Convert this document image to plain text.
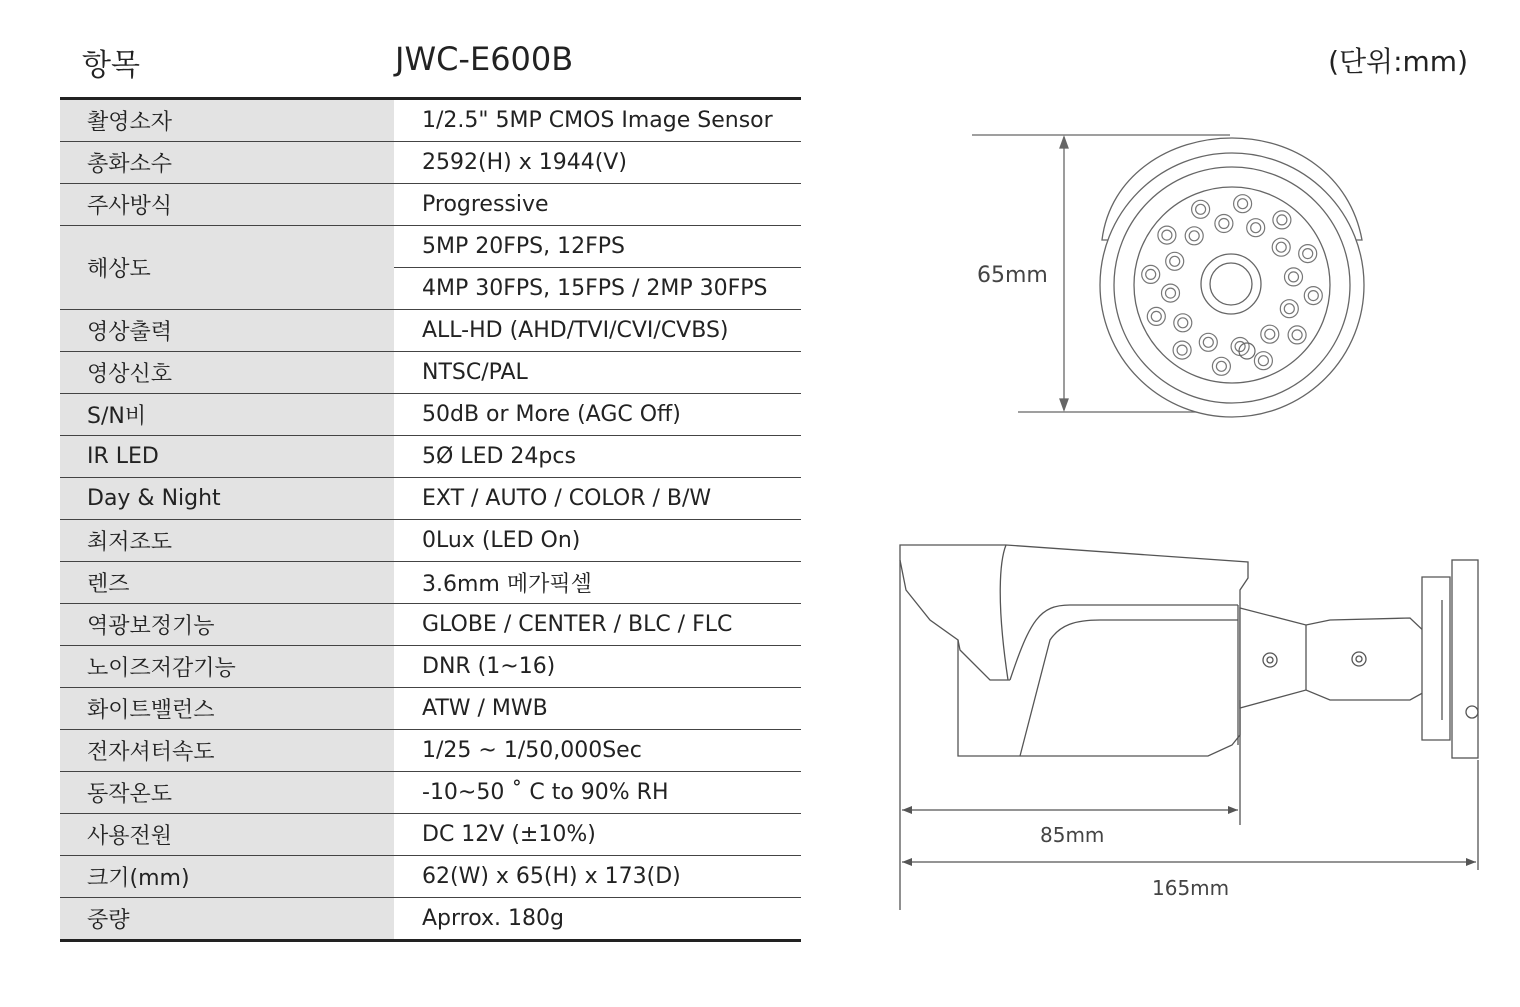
항목	JWC-E600B	(단위:mm)
촬영소자	1/2.5" 5MP CMOS Image Sensor
총화소수	2592(H) x 1944(V)
주사방식	Progressive
해상도	5MP 20FPS, 12FPS
	4MP 30FPS, 15FPS / 2MP 30FPS
영상출력	ALL-HD (AHD/TVI/CVI/CVBS)
영상신호	NTSC/PAL
S/N비	50dB or More (AGC Off)
IR LED	5Ø LED 24pcs
Day & Night	EXT / AUTO / COLOR / B/W
최저조도	0Lux (LED On)
렌즈	3.6mm 메가픽셀
역광보정기능	GLOBE / CENTER / BLC / FLC
노이즈저감기능	DNR (1~16)
화이트밸런스	ATW / MWB
전자셔터속도	1/25 ~ 1/50,000Sec
동작온도	-10~50 ˚ C to 90% RH
사용전원	DC 12V (±10%)
크기(mm)	62(W) x 65(H) x 173(D)
중량	Aprrox. 180g
65mm
85mm
165mm
